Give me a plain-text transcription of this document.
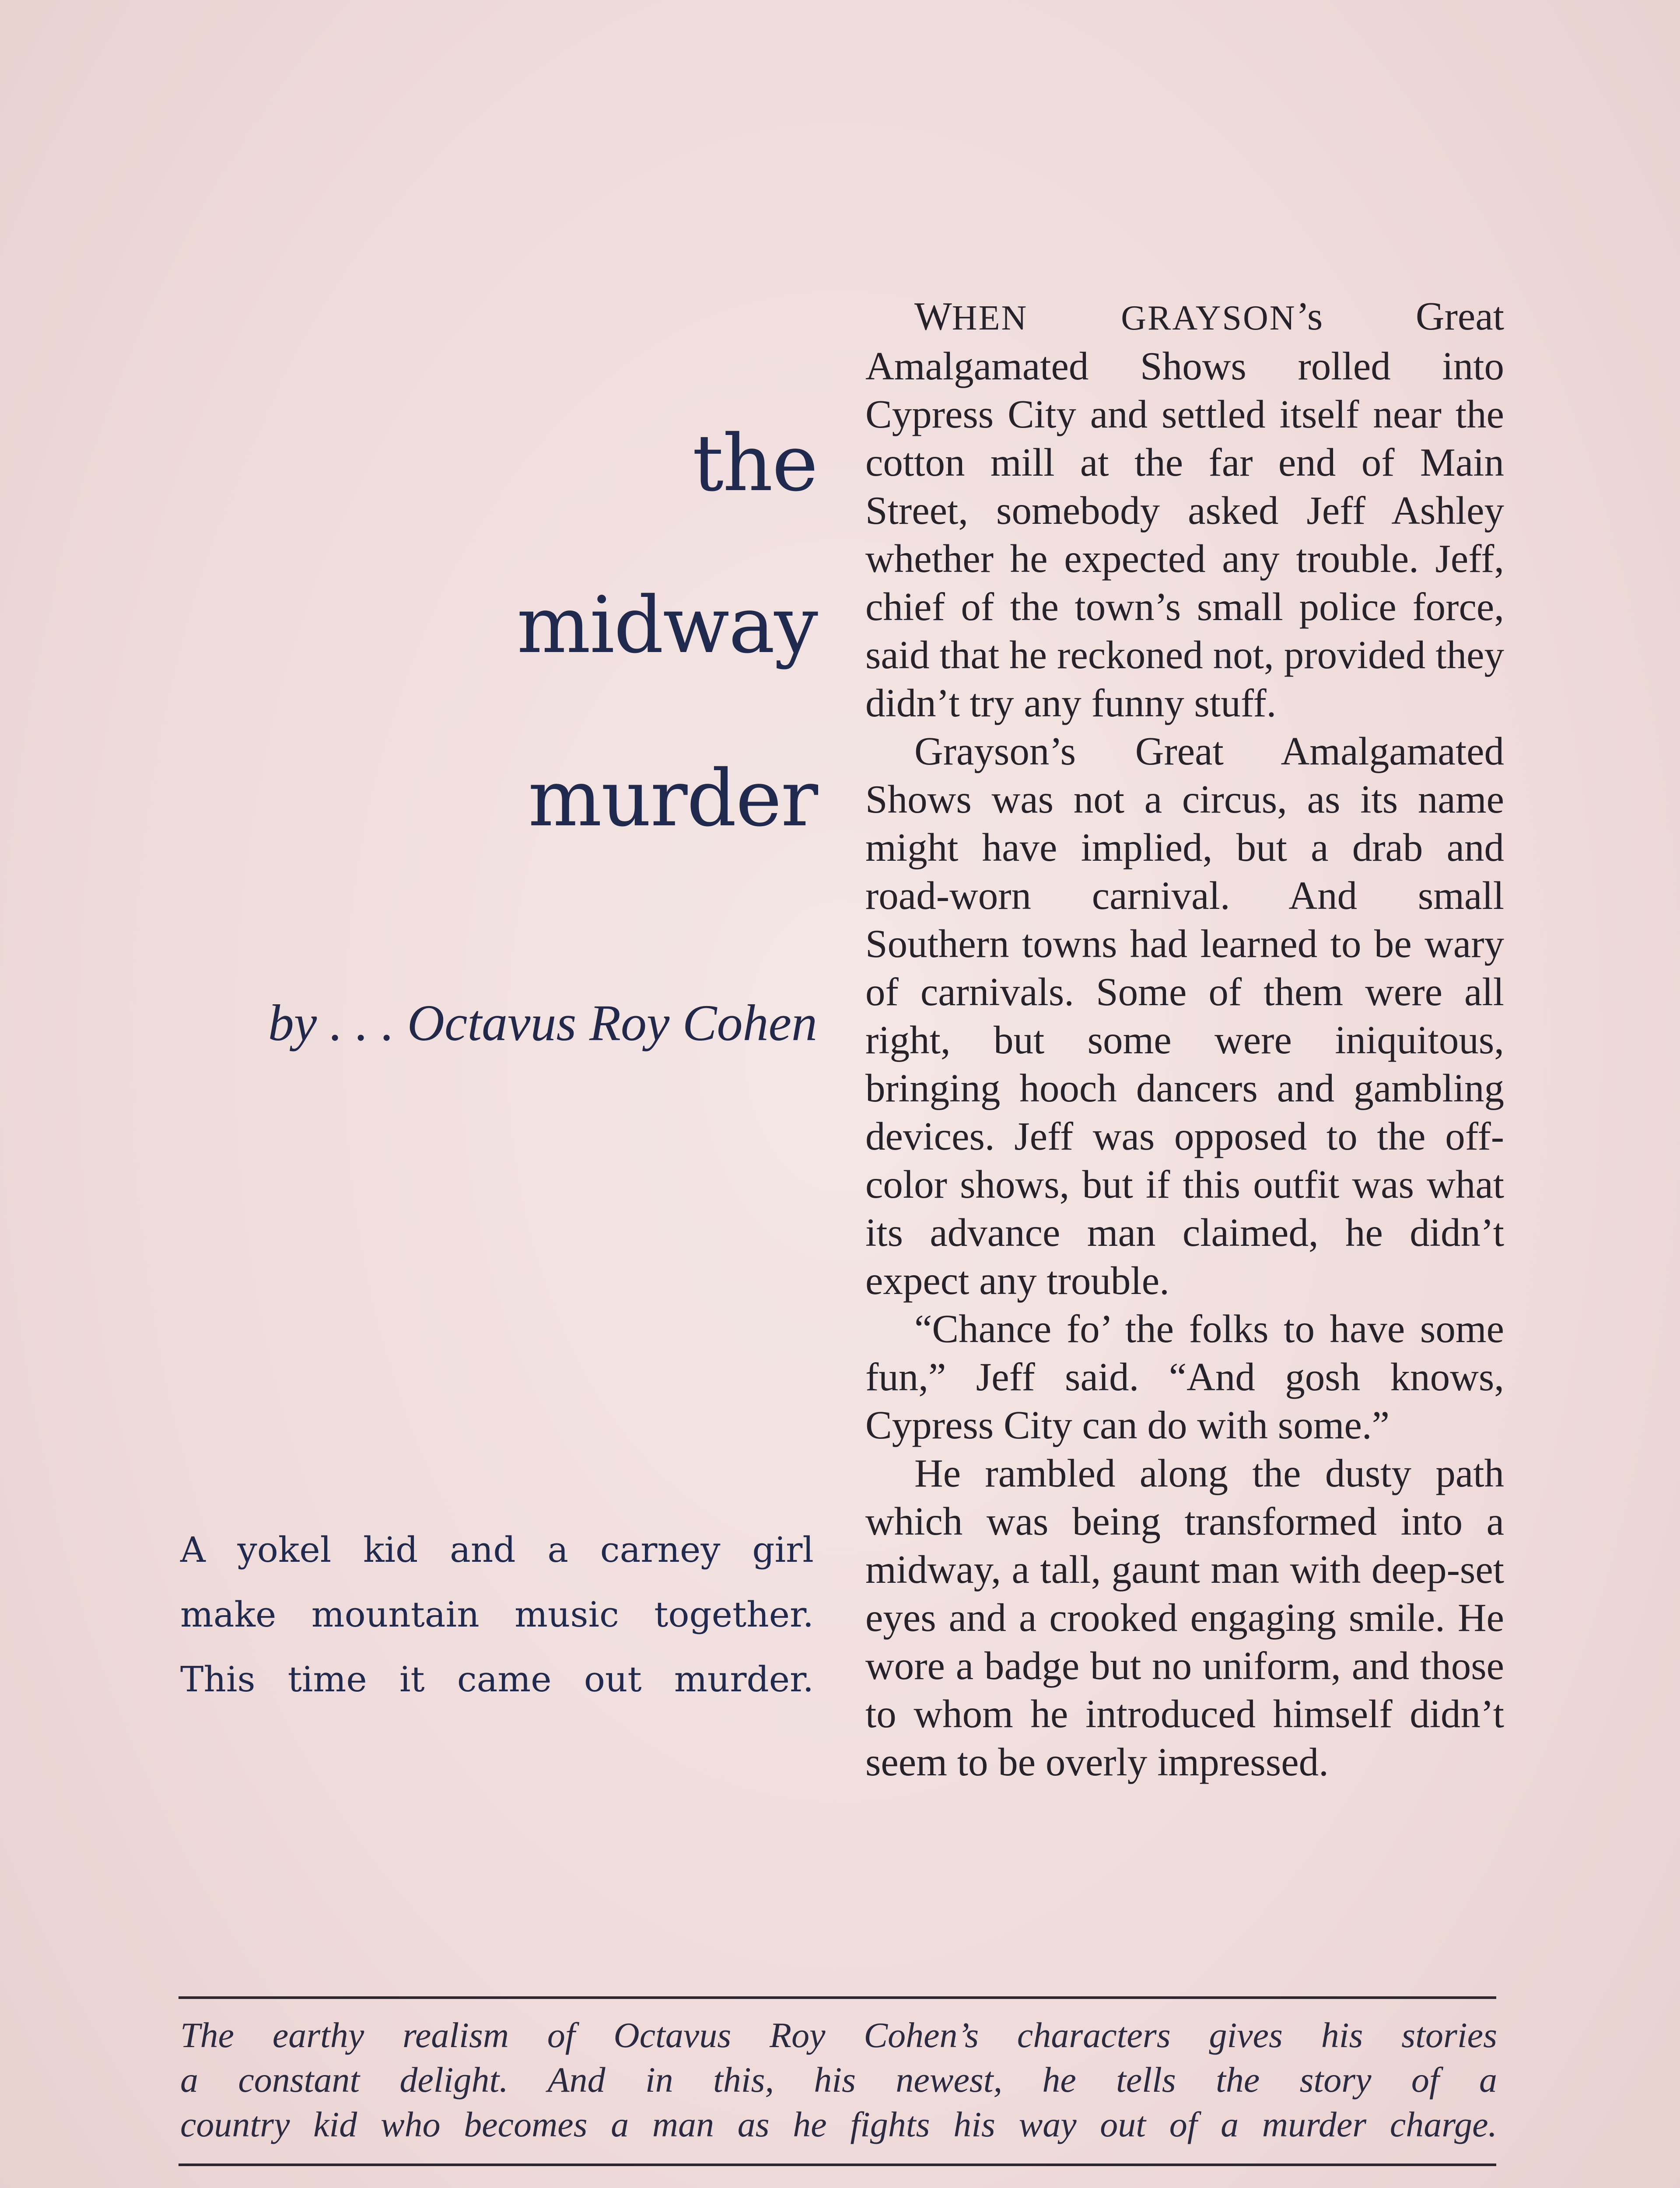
the
midway
murder
by . . . Octavus Roy Cohen
A yokel kid and a carney girl
make mountain music together.
This time it came out murder.

WHEN GRAYSON’s Great Amalgamated Shows rolled into Cypress City and settled itself near the cotton mill at the far end of Main Street, somebody asked Jeff Ashley whether he expected any trouble. Jeff, chief of the town’s small police force, said that he reckoned not, provided they didn’t try any funny stuff.

Grayson’s Great Amalgamated Shows was not a circus, as its name might have implied, but a drab and road-worn carnival. And small Southern towns had learned to be wary of carnivals. Some of them were all right, but some were iniquitous, bringing hooch dancers and gambling devices. Jeff was opposed to the off-color shows, but if this outfit was what its advance man claimed, he didn’t expect any trouble.

“Chance fo’ the folks to have some fun,” Jeff said. “And gosh knows, Cypress City can do with some.”

He rambled along the dusty path which was being transformed into a midway, a tall, gaunt man with deep-set eyes and a crooked engaging smile. He wore a badge but no uniform, and those to whom he introduced himself didn’t seem to be overly impressed.

The earthy realism of Octavus Roy Cohen’s characters gives his stories
a constant delight. And in this, his newest, he tells the story of a
country kid who becomes a man as he fights his way out of a murder charge.
